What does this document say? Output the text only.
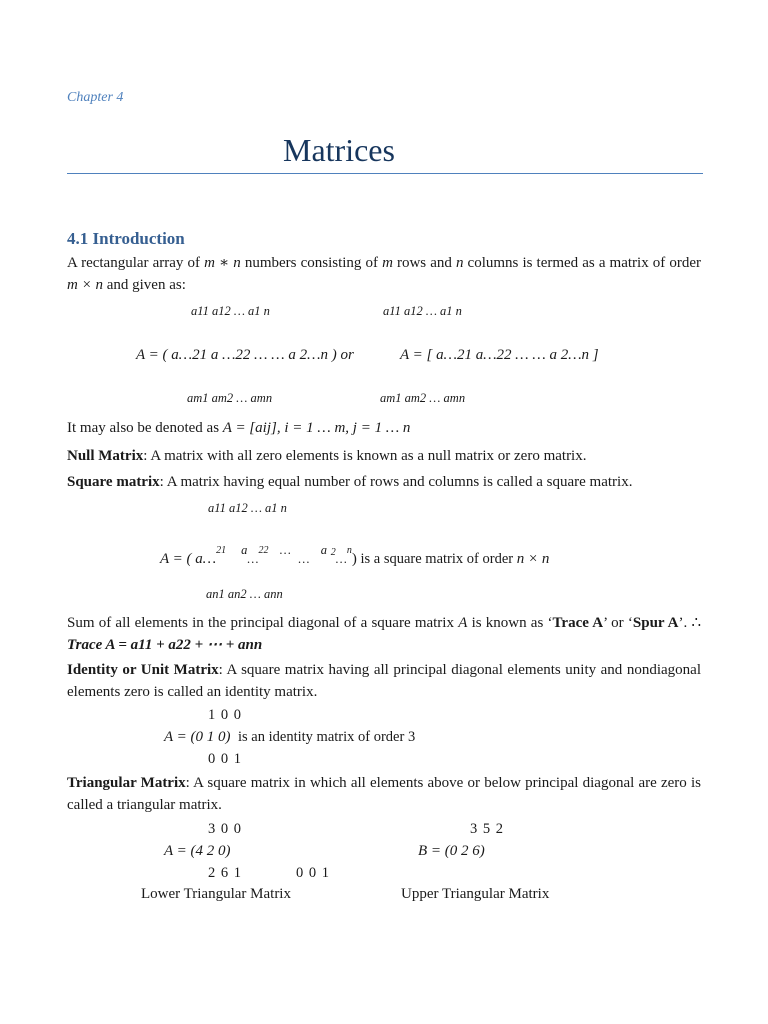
Chapter 4
Matrices
4.1 Introduction
A rectangular array of m ∗ n numbers consisting of m rows and n columns is termed as a matrix of order m × n and given as:
a11 a12 … a1 n	a11 a12 … a1 n
A = ( a…21 a …22 … … a 2…n ) or	A = [ a…21 a…22 … … a 2…n ]
am1 am2 … amn	am1 am2 … amn
It may also be denoted as A = [aij], i = 1 … m, j = 1 … n
Null Matrix: A matrix with all zero elements is known as a null matrix or zero matrix.
Square matrix: A matrix having equal number of rows and columns is called a square matrix.
a11 a12 … a1 n
A = ( a…$^{21}$ $^a$…$^{22}$ …  …   $^a$ $^2$…$^n$) is a square matrix of order n × n
an1 an2 … ann
Sum of all elements in the principal diagonal of a square matrix A is known as ‘Trace A’ or ‘Spur A’. ∴ Trace A = a11 + a22 + ⋯ + ann
Identity or Unit Matrix: A square matrix having all principal diagonal elements unity and nondiagonal elements zero is called an identity matrix.
1 0 0
A = (0 1 0) is an identity matrix of order 3
0 0 1
Triangular Matrix: A square matrix in which all elements above or below principal diagonal are zero is called a triangular matrix.
3 0 0
A = (4 2 0)
2 6 1
3 5 2
B = (0 2 6)
0 0 1
Lower Triangular Matrix	Upper Triangular Matrix
